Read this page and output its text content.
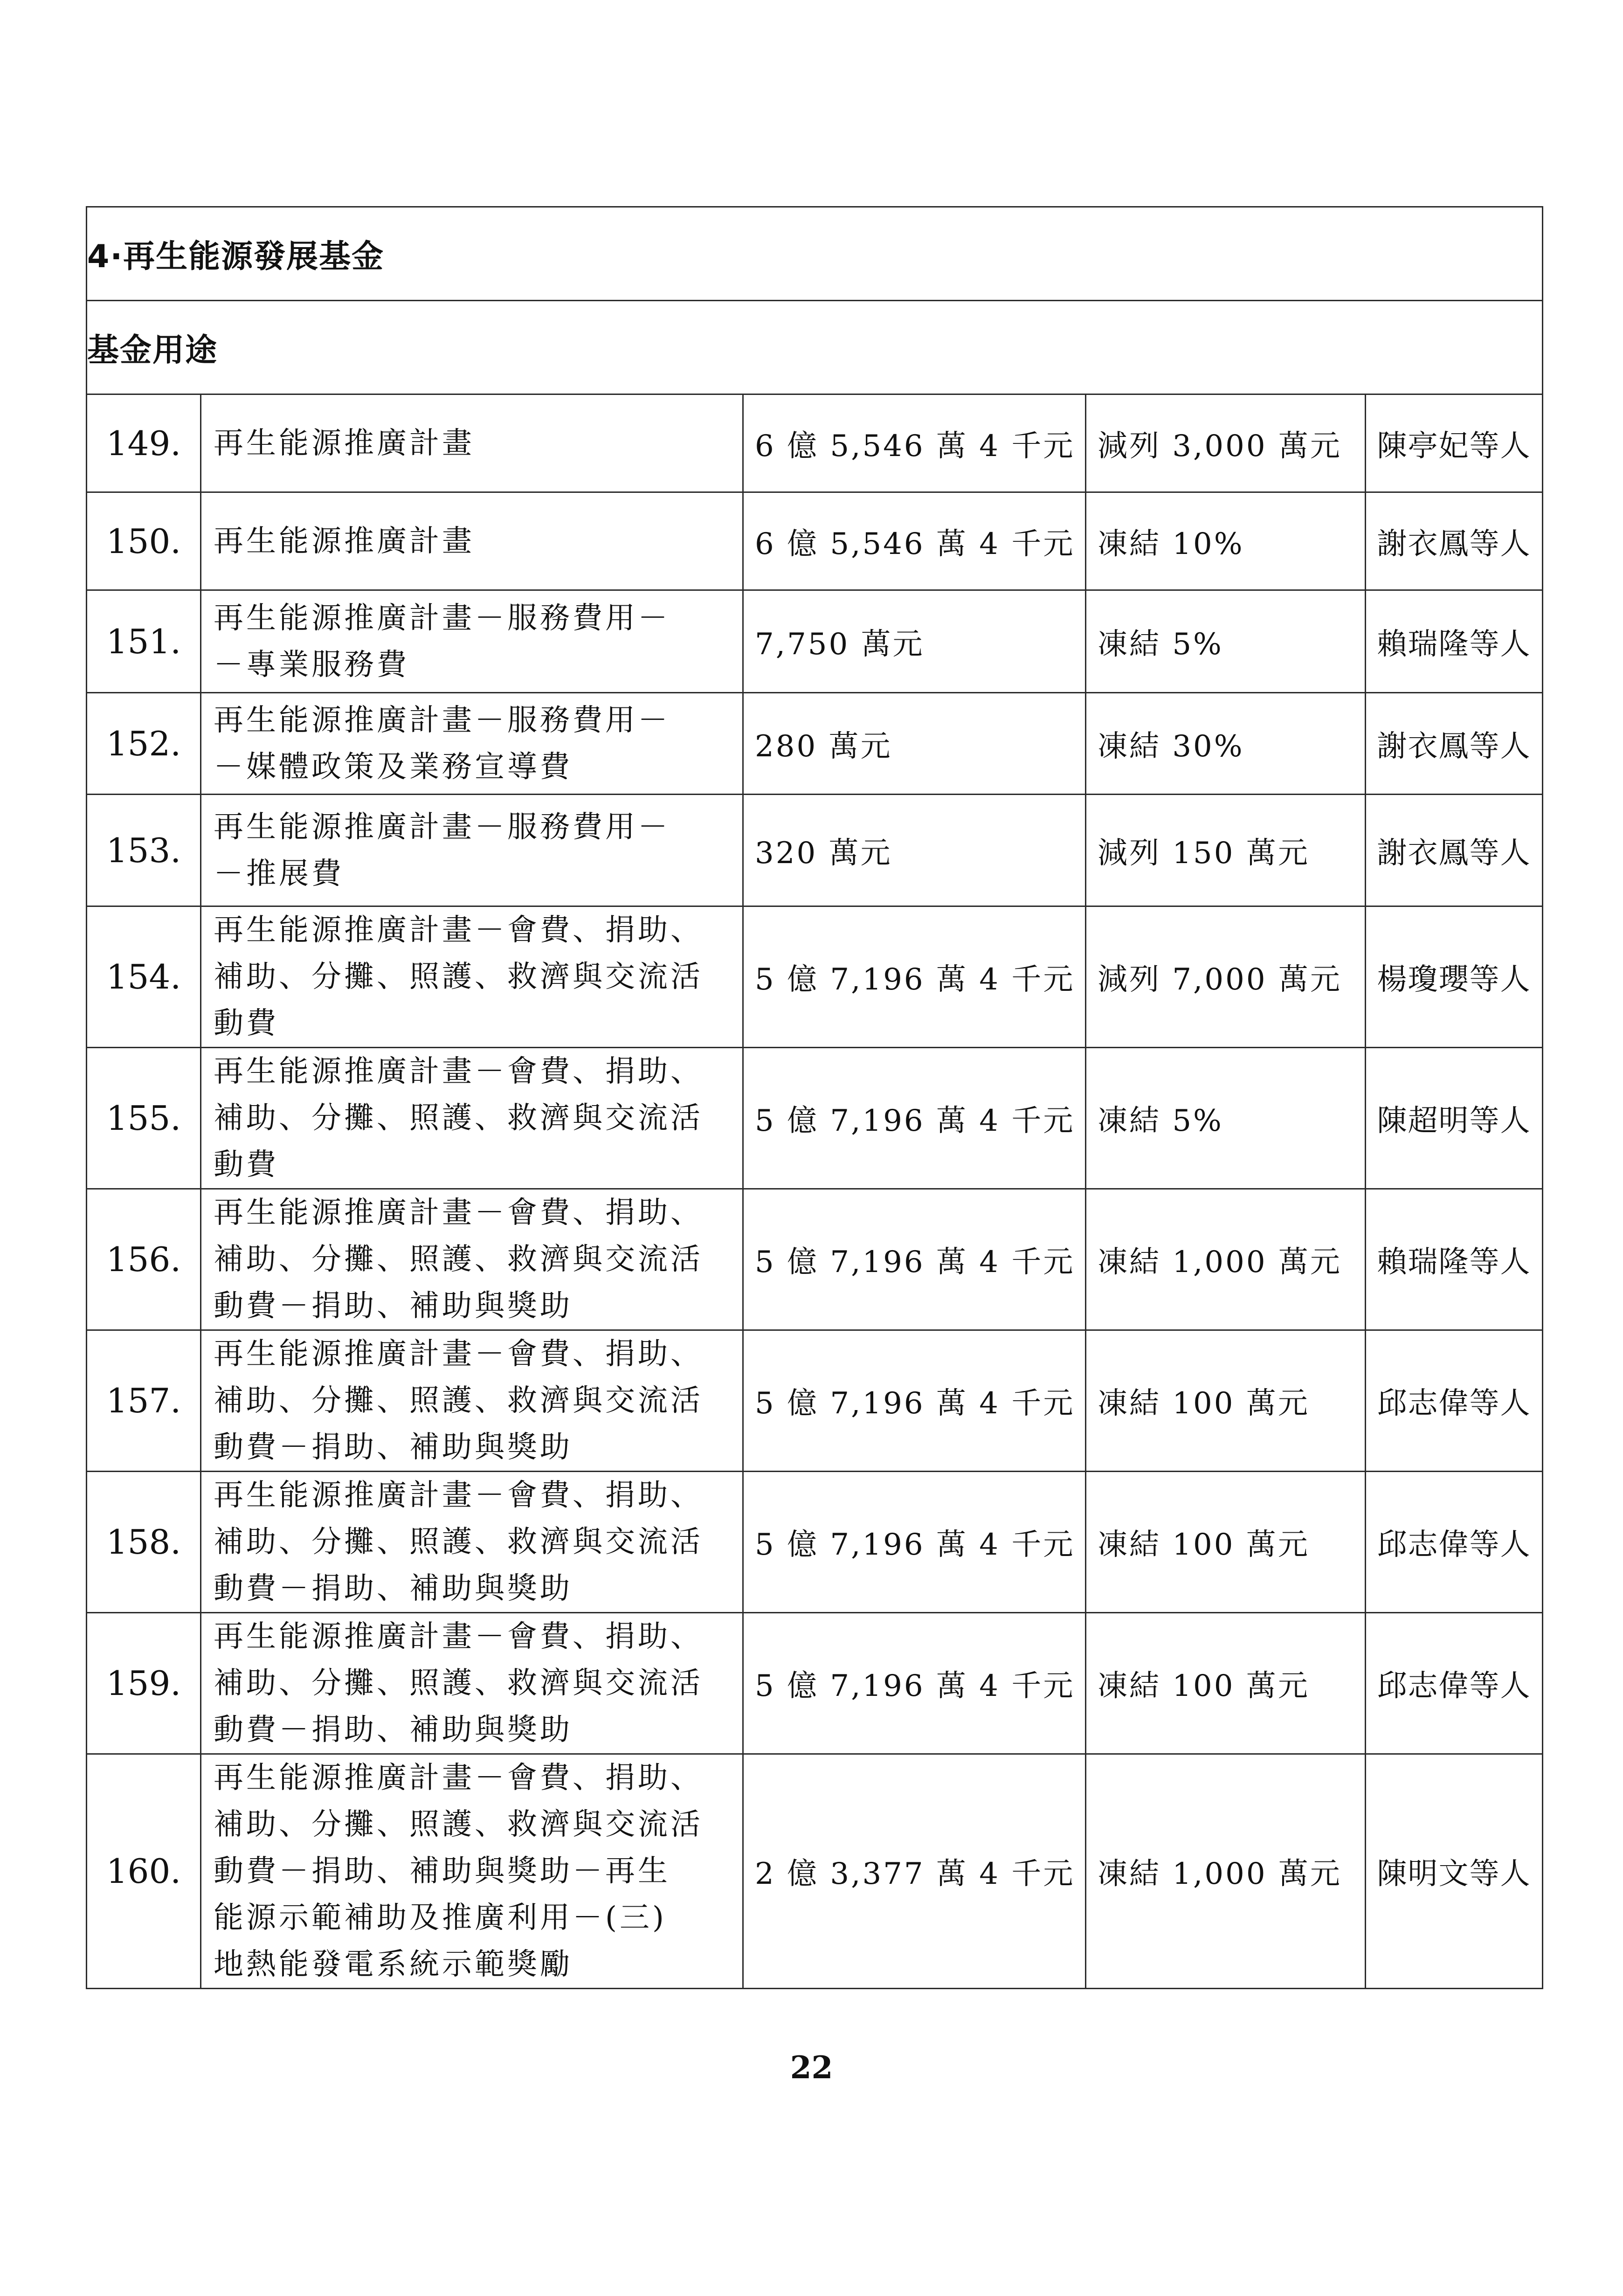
4·再生能源發展基金				
基金用途				
149.	再生能源推廣計畫	6 億 5,546 萬 4 千元	減列 3,000 萬元	陳亭妃等人
150.	再生能源推廣計畫	6 億 5,546 萬 4 千元	凍結 10%	謝衣鳳等人
151.	再生能源推廣計畫－服務費用－
－專業服務費	7,750 萬元	凍結 5%	賴瑞隆等人
152.	再生能源推廣計畫－服務費用－
－媒體政策及業務宣導費	280 萬元	凍結 30%	謝衣鳳等人
153.	再生能源推廣計畫－服務費用－
－推展費	320 萬元	減列 150 萬元	謝衣鳳等人
154.	再生能源推廣計畫－會費、捐助、
補助、分攤、照護、救濟與交流活
動費	5 億 7,196 萬 4 千元	減列 7,000 萬元	楊瓊瓔等人
155.	再生能源推廣計畫－會費、捐助、
補助、分攤、照護、救濟與交流活
動費	5 億 7,196 萬 4 千元	凍結 5%	陳超明等人
156.	再生能源推廣計畫－會費、捐助、
補助、分攤、照護、救濟與交流活
動費－捐助、補助與獎助	5 億 7,196 萬 4 千元	凍結 1,000 萬元	賴瑞隆等人
157.	再生能源推廣計畫－會費、捐助、
補助、分攤、照護、救濟與交流活
動費－捐助、補助與獎助	5 億 7,196 萬 4 千元	凍結 100 萬元	邱志偉等人
158.	再生能源推廣計畫－會費、捐助、
補助、分攤、照護、救濟與交流活
動費－捐助、補助與獎助	5 億 7,196 萬 4 千元	凍結 100 萬元	邱志偉等人
159.	再生能源推廣計畫－會費、捐助、
補助、分攤、照護、救濟與交流活
動費－捐助、補助與獎助	5 億 7,196 萬 4 千元	凍結 100 萬元	邱志偉等人
160.	再生能源推廣計畫－會費、捐助、
補助、分攤、照護、救濟與交流活
動費－捐助、補助與獎助－再生
能源示範補助及推廣利用－(三)
地熱能發電系統示範獎勵	2 億 3,377 萬 4 千元	凍結 1,000 萬元	陳明文等人
22
